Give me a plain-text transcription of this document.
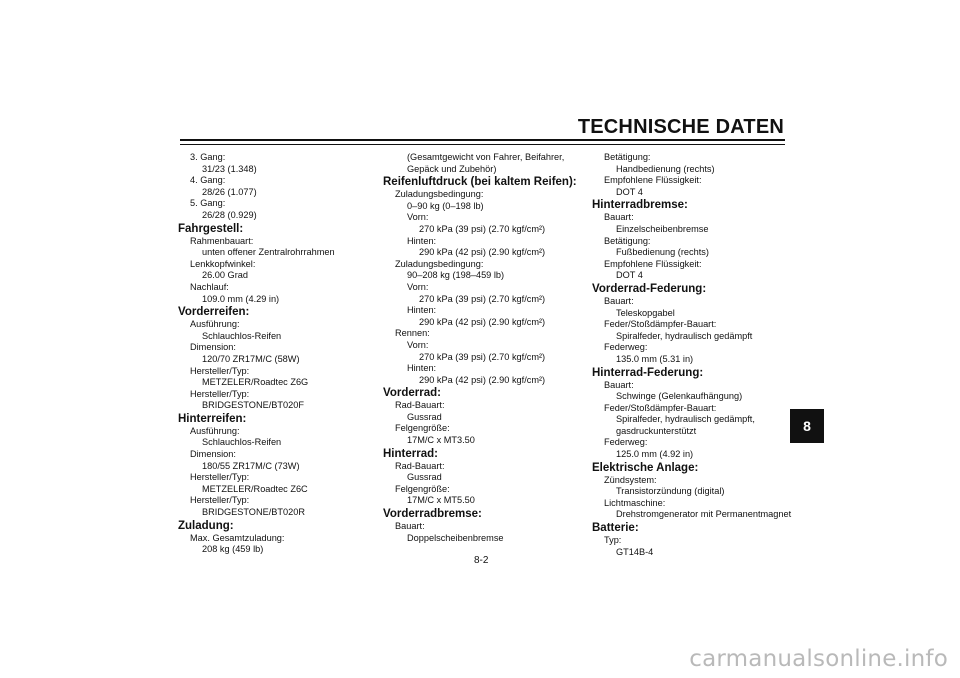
TECHNISCHE DATEN
3. Gang:
31/23 (1.348)
4. Gang:
28/26 (1.077)
5. Gang:
26/28 (0.929)
Fahrgestell:
Rahmenbauart:
unten offener Zentralrohrrahmen
Lenkkopfwinkel:
26.00 Grad
Nachlauf:
109.0 mm (4.29 in)
Vorderreifen:
Ausführung:
Schlauchlos-Reifen
Dimension:
120/70 ZR17M/C (58W)
Hersteller/Typ:
METZELER/Roadtec Z6G
Hersteller/Typ:
BRIDGESTONE/BT020F
Hinterreifen:
Ausführung:
Schlauchlos-Reifen
Dimension:
180/55 ZR17M/C (73W)
Hersteller/Typ:
METZELER/Roadtec Z6C
Hersteller/Typ:
BRIDGESTONE/BT020R
Zuladung:
Max. Gesamtzuladung:
208 kg (459 lb)
(Gesamtgewicht von Fahrer, Beifahrer,
Gepäck und Zubehör)
Reifenluftdruck (bei kaltem Reifen):
Zuladungsbedingung:
0–90 kg (0–198 lb)
Vorn:
270 kPa (39 psi) (2.70 kgf/cm²)
Hinten:
290 kPa (42 psi) (2.90 kgf/cm²)
Zuladungsbedingung:
90–208 kg (198–459 lb)
Vorn:
270 kPa (39 psi) (2.70 kgf/cm²)
Hinten:
290 kPa (42 psi) (2.90 kgf/cm²)
Rennen:
Vorn:
270 kPa (39 psi) (2.70 kgf/cm²)
Hinten:
290 kPa (42 psi) (2.90 kgf/cm²)
Vorderrad:
Rad-Bauart:
Gussrad
Felgengröße:
17M/C x MT3.50
Hinterrad:
Rad-Bauart:
Gussrad
Felgengröße:
17M/C x MT5.50
Vorderradbremse:
Bauart:
Doppelscheibenbremse
Betätigung:
Handbedienung (rechts)
Empfohlene Flüssigkeit:
DOT 4
Hinterradbremse:
Bauart:
Einzelscheibenbremse
Betätigung:
Fußbedienung (rechts)
Empfohlene Flüssigkeit:
DOT 4
Vorderrad-Federung:
Bauart:
Teleskopgabel
Feder/Stoßdämpfer-Bauart:
Spiralfeder, hydraulisch gedämpft
Federweg:
135.0 mm (5.31 in)
Hinterrad-Federung:
Bauart:
Schwinge (Gelenkaufhängung)
Feder/Stoßdämpfer-Bauart:
Spiralfeder, hydraulisch gedämpft,
gasdruckunterstützt
Federweg:
125.0 mm (4.92 in)
Elektrische Anlage:
Zündsystem:
Transistorzündung (digital)
Lichtmaschine:
Drehstromgenerator mit Permanentmagnet
Batterie:
Typ:
GT14B-4
8
8-2
carmanualsonline.info
